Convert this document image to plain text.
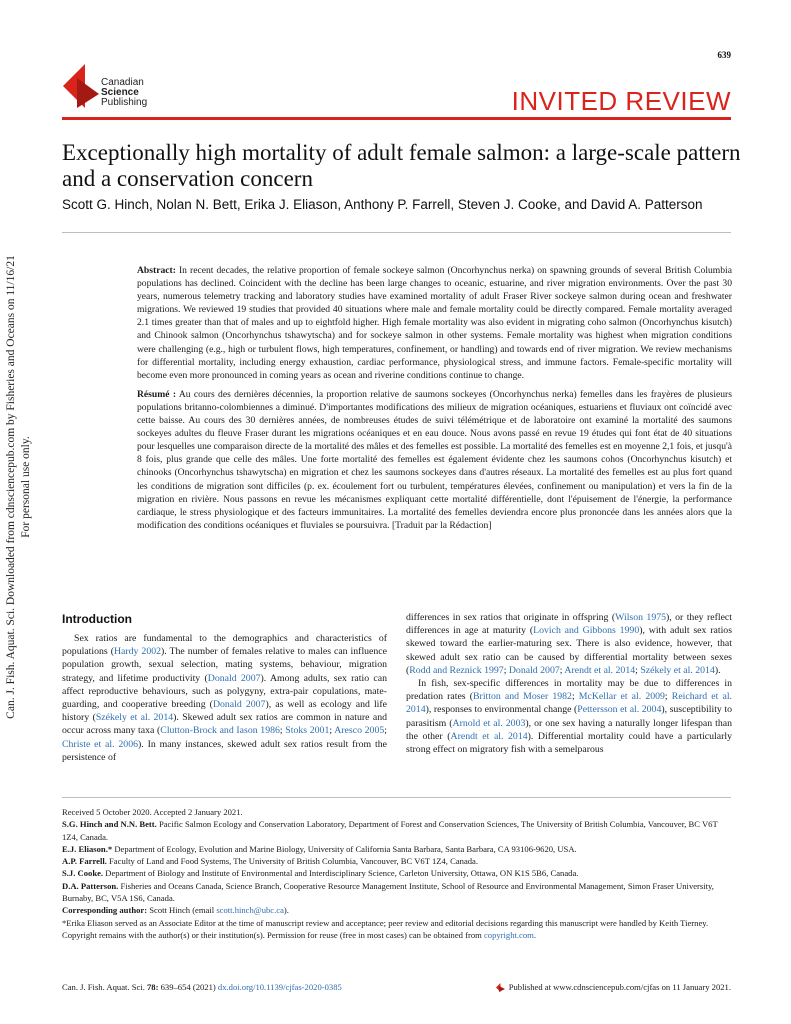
639
Canadian
Science
Publishing	INVITED REVIEW
Exceptionally high mortality of adult female salmon: a large-scale pattern and a conservation concern
Scott G. Hinch, Nolan N. Bett, Erika J. Eliason, Anthony P. Farrell, Steven J. Cooke, and David A. Patterson
Can. J. Fish. Aquat. Sci. Downloaded from cdnsciencepub.com by Fisheries and Oceans on 11/16/21 For personal use only.

Abstract: In recent decades, the relative proportion of female sockeye salmon (Oncorhynchus nerka) on spawning grounds of several British Columbia populations has declined. Coincident with the decline has been large changes to oceanic, estuarine, and river migration environments. Over the past 30 years, numerous telemetry tracking and laboratory studies have examined mortality of adult Fraser River sockeye salmon during ocean and freshwater migrations. We reviewed 19 studies that provided 40 situations where male and female mortality could be directly compared. Female mortality averaged 2.1 times greater than that of males and up to eightfold higher. High female mortality was also evident in migrating coho salmon (Oncorhynchus kisutch) and Chinook salmon (Oncorhynchus tshawytscha) and for sockeye salmon in other systems. Female mortality was highest when migration conditions were challenging (e.g., high or turbulent flows, high temperatures, confinement, or handling) and towards end of river migration. We review mechanisms for differential mortality, including energy exhaustion, cardiac performance, physiological stress, and immune factors. Female-specific mortality will become even more pronounced in coming years as ocean and riverine conditions continue to change.

Résumé : Au cours des dernières décennies, la proportion relative de saumons sockeyes (Oncorhynchus nerka) femelles dans les frayères de plusieurs populations britanno-colombiennes a diminué. D'importantes modifications des milieux de migration océaniques, estuariens et fluviaux ont coïncidé avec cette baisse. Au cours des 30 dernières années, de nombreuses études de suivi télémétrique et de laboratoire ont examiné la mortalité des saumons sockeyes adultes du fleuve Fraser durant les migrations océaniques et en eau douce. Nous avons passé en revue 19 études qui font état de 40 situations pour lesquelles une comparaison directe de la mortalité des mâles et des femelles est possible. La mortalité des femelles est en moyenne 2,1 fois, et jusqu'à 8 fois, plus grande que celle des mâles. Une forte mortalité des femelles est également évidente chez les saumons cohos (Oncorhynchus kisutch) et chinooks (Oncorhynchus tshawytscha) en migration et chez les saumons sockeyes dans d'autres réseaux. La mortalité des femelles est au plus fort quand les conditions de migration sont difficiles (p. ex. écoulement fort ou turbulent, températures élevées, confinement ou manipulation) et vers la fin de la migration en rivière. Nous passons en revue les mécanismes expliquant cette mortalité différentielle, dont l'épuisement de l'énergie, la performance cardiaque, le stress physiologique et des facteurs immunitaires. La mortalité des femelles deviendra encore plus prononcée dans les années alors que la modification des conditions océaniques et fluviales se poursuivra. [Traduit par la Rédaction]

Introduction
Sex ratios are fundamental to the demographics and characteristics of populations (Hardy 2002). The number of females relative to males can influence population growth, sexual selection, mating systems, behaviour, migration strategy, and lifetime productivity (Donald 2007). Among adults, sex ratio can affect reproductive behaviours, such as polygyny, extra-pair copulations, mate-guarding, and cooperative breeding (Donald 2007), as well as ecology and life history (Székely et al. 2014). Skewed adult sex ratios are common in nature and occur across many taxa (Clutton-Brock and Iason 1986; Stoks 2001; Aresco 2005; Christe et al. 2006). In many instances, skewed adult sex ratios result from the persistence of

differences in sex ratios that originate in offspring (Wilson 1975), or they reflect differences in age at maturity (Lovich and Gibbons 1990), with adult sex ratios skewed toward the earlier-maturing sex. There is also evidence, however, that skewed adult sex ratio can be caused by differential mortality between sexes (Rodd and Reznick 1997; Donald 2007; Arendt et al. 2014; Székely et al. 2014).

In fish, sex-specific differences in mortality may be due to differences in predation rates (Britton and Moser 1982; McKellar et al. 2009; Reichard et al. 2014), responses to environmental change (Pettersson et al. 2004), susceptibility to parasitism (Arnold et al. 2003), or one sex having a naturally longer lifespan than the other (Arendt et al. 2014). Differential mortality could have a particularly strong effect on migratory fish with a semelparous

Received 5 October 2020. Accepted 2 January 2021.

S.G. Hinch and N.N. Bett. Pacific Salmon Ecology and Conservation Laboratory, Department of Forest and Conservation Sciences, The University of British Columbia, Vancouver, BC V6T 1Z4, Canada.

E.J. Eliason.* Department of Ecology, Evolution and Marine Biology, University of California Santa Barbara, Santa Barbara, CA 93106-9620, USA.

A.P. Farrell. Faculty of Land and Food Systems, The University of British Columbia, Vancouver, BC V6T 1Z4, Canada.

S.J. Cooke. Department of Biology and Institute of Environmental and Interdisciplinary Science, Carleton University, Ottawa, ON K1S 5B6, Canada.

D.A. Patterson. Fisheries and Oceans Canada, Science Branch, Cooperative Resource Management Institute, School of Resource and Environmental Management, Simon Fraser University, Burnaby, BC, V5A 1S6, Canada.

Corresponding author: Scott Hinch (email scott.hinch@ubc.ca).

*Erika Eliason served as an Associate Editor at the time of manuscript review and acceptance; peer review and editorial decisions regarding this manuscript were handled by Keith Tierney.

Copyright remains with the author(s) or their institution(s). Permission for reuse (free in most cases) can be obtained from copyright.com.

Can. J. Fish. Aquat. Sci. 78: 639–654 (2021) dx.doi.org/10.1139/cjfas-2020-0385	Published at www.cdnsciencepub.com/cjfas on 11 January 2021.
